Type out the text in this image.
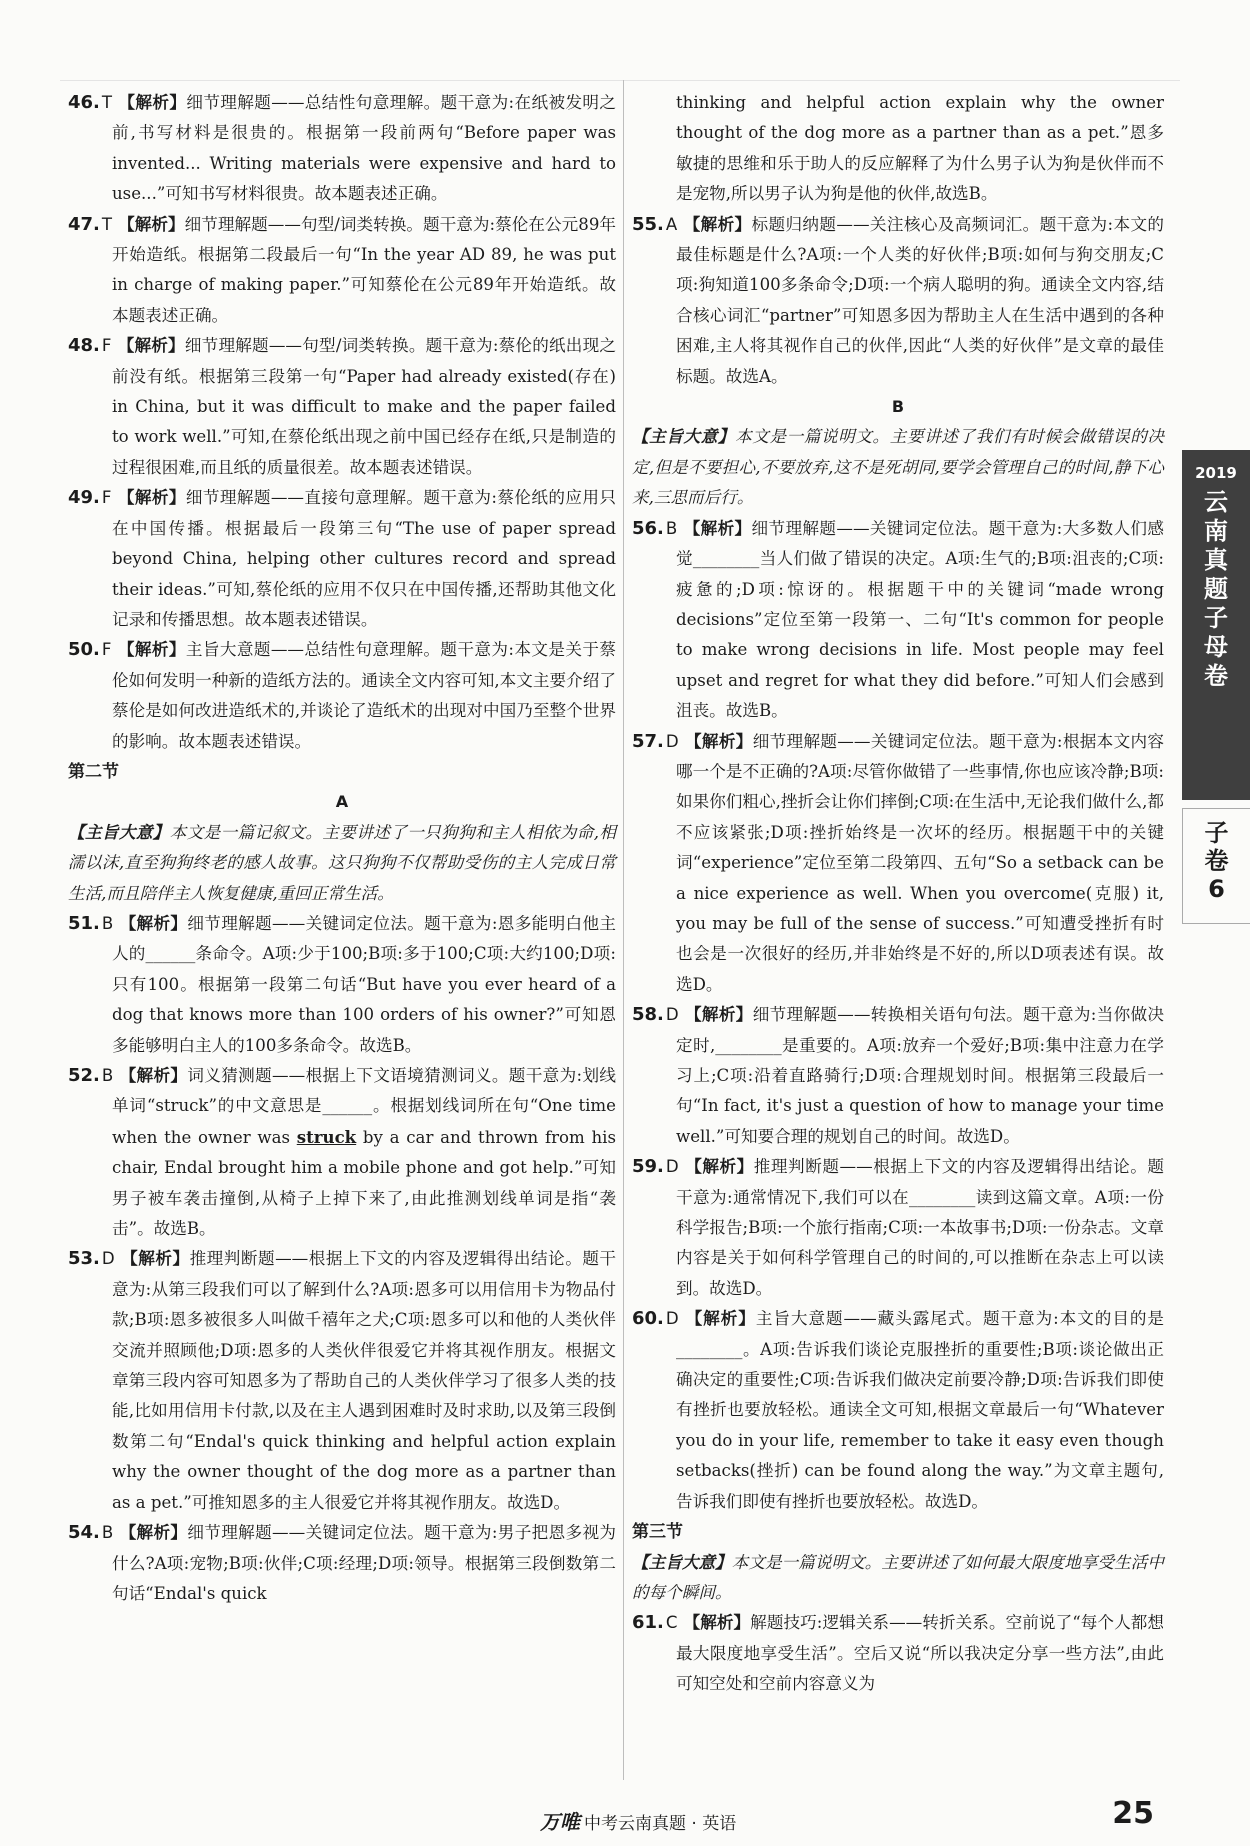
46. T 【解析】细节理解题——总结性句意理解。题干意为:在纸被发明之前,书写材料是很贵的。根据第一段前两句“Before paper was invented... Writing materials were expensive and hard to use...”可知书写材料很贵。故本题表述正确。

47. T 【解析】细节理解题——句型/词类转换。题干意为:蔡伦在公元89年开始造纸。根据第二段最后一句“In the year AD 89, he was put in charge of making paper.”可知蔡伦在公元89年开始造纸。故本题表述正确。

48. F 【解析】细节理解题——句型/词类转换。题干意为:蔡伦的纸出现之前没有纸。根据第三段第一句“Paper had already existed(存在) in China, but it was difficult to make and the paper failed to work well.”可知,在蔡伦纸出现之前中国已经存在纸,只是制造的过程很困难,而且纸的质量很差。故本题表述错误。

49. F 【解析】细节理解题——直接句意理解。题干意为:蔡伦纸的应用只在中国传播。根据最后一段第三句“The use of paper spread beyond China, helping other cultures record and spread their ideas.”可知,蔡伦纸的应用不仅只在中国传播,还帮助其他文化记录和传播思想。故本题表述错误。

50. F 【解析】主旨大意题——总结性句意理解。题干意为:本文是关于蔡伦如何发明一种新的造纸方法的。通读全文内容可知,本文主要介绍了蔡伦是如何改进造纸术的,并谈论了造纸术的出现对中国乃至整个世界的影响。故本题表述错误。

第二节

A

【主旨大意】本文是一篇记叙文。主要讲述了一只狗狗和主人相依为命,相濡以沫,直至狗狗终老的感人故事。这只狗狗不仅帮助受伤的主人完成日常生活,而且陪伴主人恢复健康,重回正常生活。

51. B 【解析】细节理解题——关键词定位法。题干意为:恩多能明白他主人的______条命令。A项:少于100;B项:多于100;C项:大约100;D项:只有100。根据第一段第二句话“But have you ever heard of a dog that knows more than 100 orders of his owner?”可知恩多能够明白主人的100多条命令。故选B。

52. B 【解析】词义猜测题——根据上下文语境猜测词义。题干意为:划线单词“struck”的中文意思是______。根据划线词所在句“One time when the owner was struck by a car and thrown from his chair, Endal brought him a mobile phone and got help.”可知男子被车袭击撞倒,从椅子上掉下来了,由此推测划线单词是指“袭击”。故选B。

53. D 【解析】推理判断题——根据上下文的内容及逻辑得出结论。题干意为:从第三段我们可以了解到什么?A项:恩多可以用信用卡为物品付款;B项:恩多被很多人叫做千禧年之犬;C项:恩多可以和他的人类伙伴交流并照顾他;D项:恩多的人类伙伴很爱它并将其视作朋友。根据文章第三段内容可知恩多为了帮助自己的人类伙伴学习了很多人类的技能,比如用信用卡付款,以及在主人遇到困难时及时求助,以及第三段倒数第二句“Endal's quick thinking and helpful action explain why the owner thought of the dog more as a partner than as a pet.”可推知恩多的主人很爱它并将其视作朋友。故选D。

54. B 【解析】细节理解题——关键词定位法。题干意为:男子把恩多视为什么?A项:宠物;B项:伙伴;C项:经理;D项:领导。根据第三段倒数第二句话“Endal's quick

thinking and helpful action explain why the owner thought of the dog more as a partner than as a pet.”恩多敏捷的思维和乐于助人的反应解释了为什么男子认为狗是伙伴而不是宠物,所以男子认为狗是他的伙伴,故选B。

55. A 【解析】标题归纳题——关注核心及高频词汇。题干意为:本文的最佳标题是什么?A项:一个人类的好伙伴;B项:如何与狗交朋友;C项:狗知道100多条命令;D项:一个病人聪明的狗。通读全文内容,结合核心词汇“partner”可知恩多因为帮助主人在生活中遇到的各种困难,主人将其视作自己的伙伴,因此“人类的好伙伴”是文章的最佳标题。故选A。

B

【主旨大意】本文是一篇说明文。主要讲述了我们有时候会做错误的决定,但是不要担心,不要放弃,这不是死胡同,要学会管理自己的时间,静下心来,三思而后行。

56. B 【解析】细节理解题——关键词定位法。题干意为:大多数人们感觉________当人们做了错误的决定。A项:生气的;B项:沮丧的;C项:疲惫的;D项:惊讶的。根据题干中的关键词“made wrong decisions”定位至第一段第一、二句“It's common for people to make wrong decisions in life. Most people may feel upset and regret for what they did before.”可知人们会感到沮丧。故选B。

57. D 【解析】细节理解题——关键词定位法。题干意为:根据本文内容哪一个是不正确的?A项:尽管你做错了一些事情,你也应该冷静;B项:如果你们粗心,挫折会让你们摔倒;C项:在生活中,无论我们做什么,都不应该紧张;D项:挫折始终是一次坏的经历。根据题干中的关键词“experience”定位至第二段第四、五句“So a setback can be a nice experience as well. When you overcome(克服) it, you may be full of the sense of success.”可知遭受挫折有时也会是一次很好的经历,并非始终是不好的,所以D项表述有误。故选D。

58. D 【解析】细节理解题——转换相关语句句法。题干意为:当你做决定时,________是重要的。A项:放弃一个爱好;B项:集中注意力在学习上;C项:沿着直路骑行;D项:合理规划时间。根据第三段最后一句“In fact, it's just a question of how to manage your time well.”可知要合理的规划自己的时间。故选D。

59. D 【解析】推理判断题——根据上下文的内容及逻辑得出结论。题干意为:通常情况下,我们可以在________读到这篇文章。A项:一份科学报告;B项:一个旅行指南;C项:一本故事书;D项:一份杂志。文章内容是关于如何科学管理自己的时间的,可以推断在杂志上可以读到。故选D。

60. D 【解析】主旨大意题——藏头露尾式。题干意为:本文的目的是________。A项:告诉我们谈论克服挫折的重要性;B项:谈论做出正确决定的重要性;C项:告诉我们做决定前要冷静;D项:告诉我们即使有挫折也要放轻松。通读全文可知,根据文章最后一句“Whatever you do in your life, remember to take it easy even though setbacks(挫折) can be found along the way.”为文章主题句,告诉我们即使有挫折也要放轻松。故选D。

第三节

【主旨大意】本文是一篇说明文。主要讲述了如何最大限度地享受生活中的每个瞬间。

61. C 【解析】解题技巧:逻辑关系——转折关系。空前说了“每个人都想最大限度地享受生活”。空后又说“所以我决定分享一些方法”,由此可知空处和空前内容意义为

2019
云
南
真
题
子
母
卷
子
卷
6
万唯 中考云南真题 · 英语	25
